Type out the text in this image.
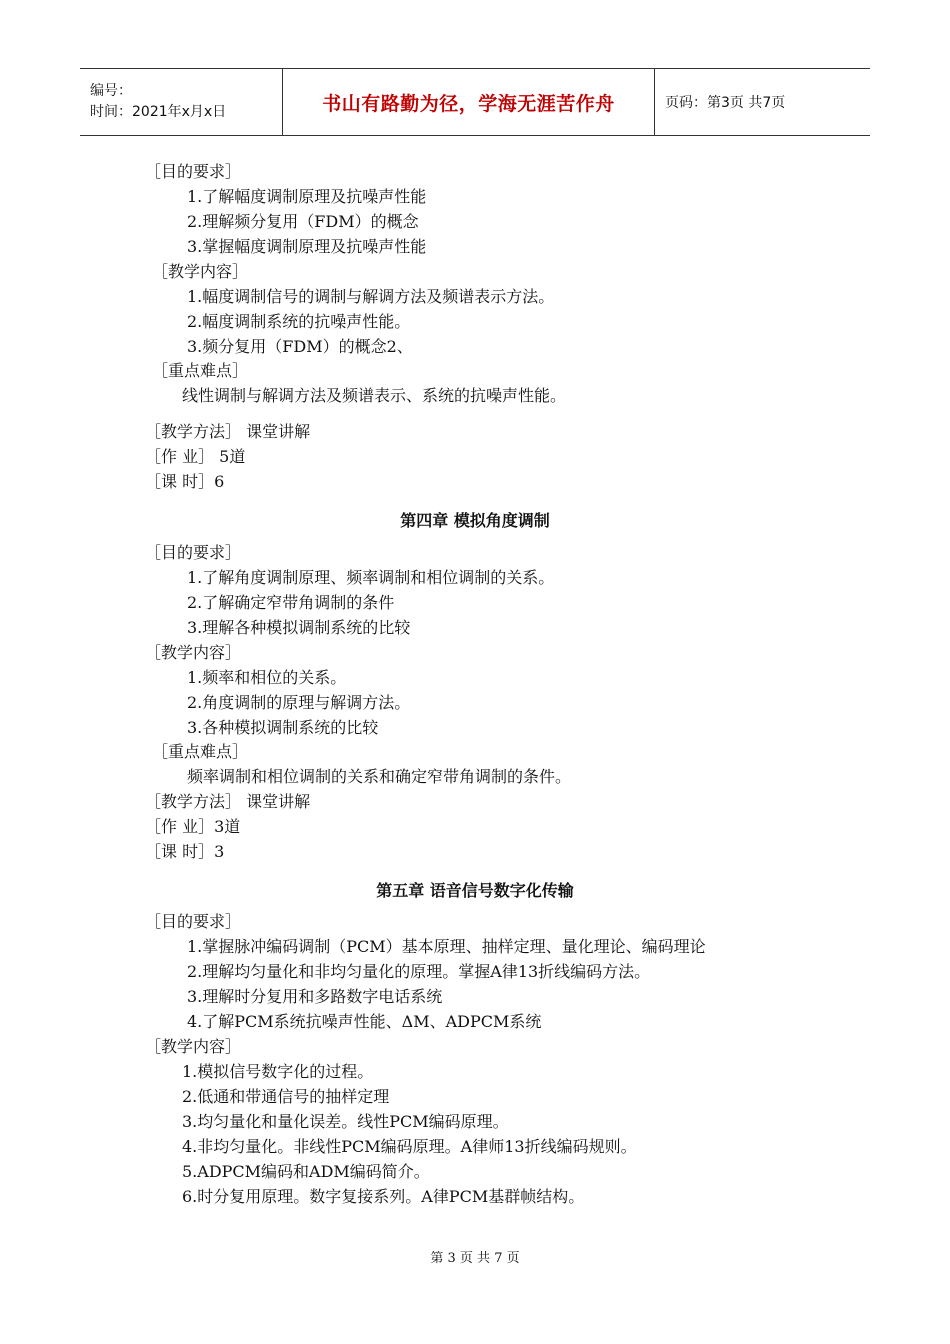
编号：
时间：2021年x月x日	书山有路勤为径，学海无涯苦作舟	页码：第3页 共7页
［目的要求］
1.了解幅度调制原理及抗噪声性能
2.理解频分复用（FDM）的概念
3.掌握幅度调制原理及抗噪声性能
［教学内容］
1.幅度调制信号的调制与解调方法及频谱表示方法。
2.幅度调制系统的抗噪声性能。
3.频分复用（FDM）的概念2、
［重点难点］
线性调制与解调方法及频谱表示、系统的抗噪声性能。
［教学方法］ 课堂讲解
［作 业］ 5道
［课 时］6
第四章 模拟角度调制
［目的要求］
1.了解角度调制原理、频率调制和相位调制的关系。
2.了解确定窄带角调制的条件
3.理解各种模拟调制系统的比较
［教学内容］
1.频率和相位的关系。
2.角度调制的原理与解调方法。
3.各种模拟调制系统的比较
［重点难点］
频率调制和相位调制的关系和确定窄带角调制的条件。
［教学方法］ 课堂讲解
［作 业］3道
［课 时］3
第五章 语音信号数字化传输
［目的要求］
1.掌握脉冲编码调制（PCM）基本原理、抽样定理、量化理论、编码理论
2.理解均匀量化和非均匀量化的原理。掌握A律13折线编码方法。
3.理解时分复用和多路数字电话系统
4.了解PCM系统抗噪声性能、ΔM、ADPCM系统
［教学内容］
1.模拟信号数字化的过程。
2.低通和带通信号的抽样定理
3.均匀量化和量化误差。线性PCM编码原理。
4.非均匀量化。非线性PCM编码原理。A律师13折线编码规则。
5.ADPCM编码和ADM编码简介。
6.时分复用原理。数字复接系列。A律PCM基群帧结构。
第 3 页 共 7 页
